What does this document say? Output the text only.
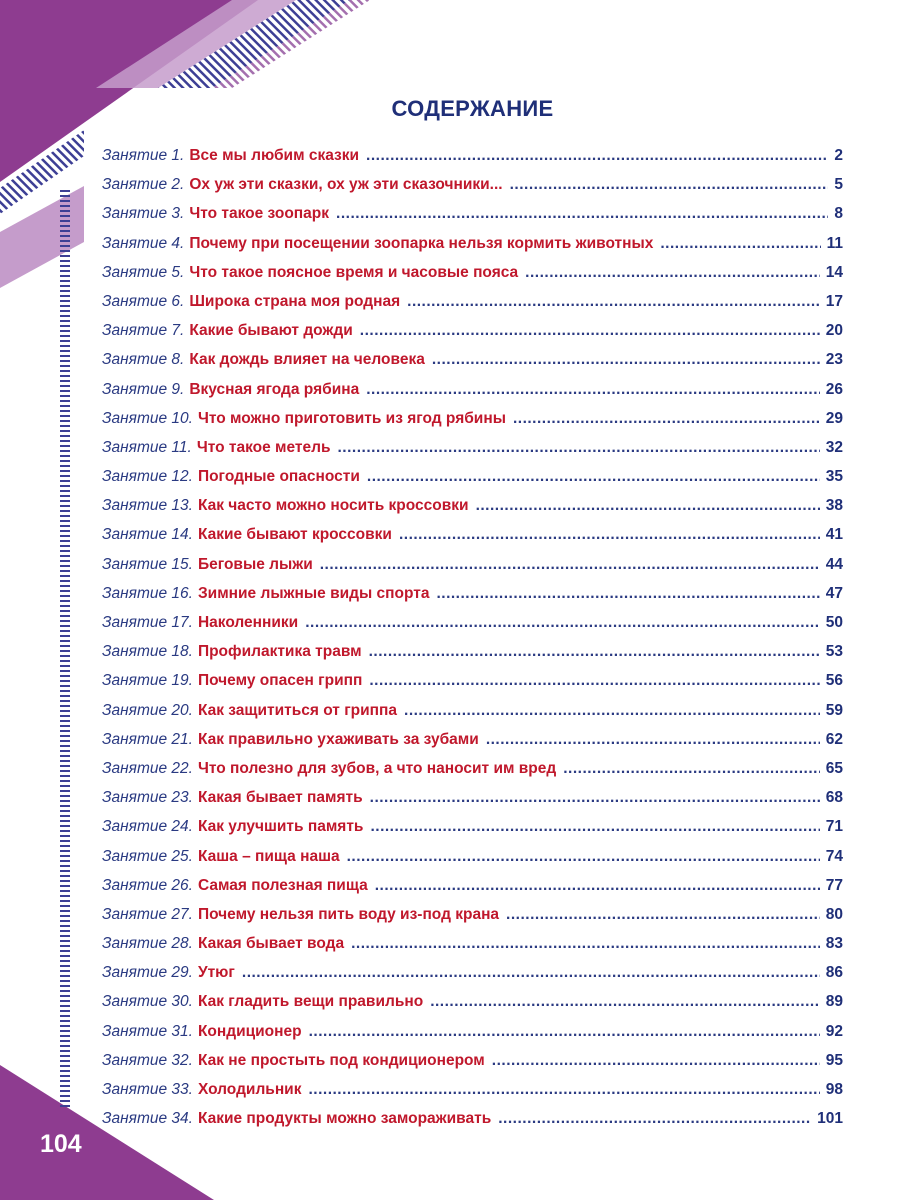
СОДЕРЖАНИЕ
Занятие 1. Все мы любим сказки .....	2
Занятие 2. Ох уж эти сказки, ох уж эти сказочники... .....	5
Занятие 3. Что такое зоопарк .....	8
Занятие 4. Почему при посещении зоопарка нельзя кормить животных .....	11
Занятие 5. Что такое поясное время и часовые пояса .....	14
Занятие 6. Широка страна моя родная .....	17
Занятие 7. Какие бывают дожди .....	20
Занятие 8. Как дождь влияет на человека .....	23
Занятие 9. Вкусная ягода рябина .....	26
Занятие 10. Что можно приготовить из ягод рябины .....	29
Занятие 11. Что такое метель .....	32
Занятие 12. Погодные опасности .....	35
Занятие 13. Как часто можно носить кроссовки .....	38
Занятие 14. Какие бывают кроссовки .....	41
Занятие 15. Беговые лыжи .....	44
Занятие 16. Зимние лыжные виды спорта .....	47
Занятие 17. Наколенники .....	50
Занятие 18. Профилактика травм .....	53
Занятие 19. Почему опасен грипп .....	56
Занятие 20. Как защититься от гриппа .....	59
Занятие 21. Как правильно ухаживать за зубами .....	62
Занятие 22. Что полезно для зубов, а что наносит им вред .....	65
Занятие 23. Какая бывает память .....	68
Занятие 24. Как улучшить память .....	71
Занятие 25. Каша – пища наша .....	74
Занятие 26. Самая полезная пища .....	77
Занятие 27. Почему нельзя пить воду из-под крана .....	80
Занятие 28. Какая бывает вода .....	83
Занятие 29. Утюг .....	86
Занятие 30. Как гладить вещи правильно .....	89
Занятие 31. Кондиционер .....	92
Занятие 32. Как не простыть под кондиционером .....	95
Занятие 33. Холодильник .....	98
Занятие 34. Какие продукты можно замораживать .....	101
104
